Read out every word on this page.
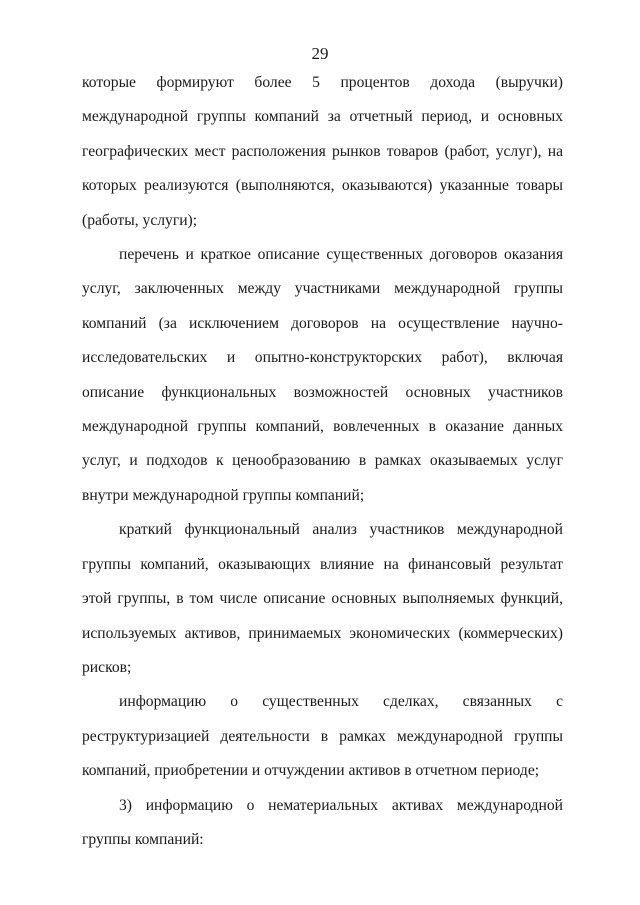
29

которые формируют более 5 процентов дохода (выручки) международной группы компаний за отчетный период, и основных географических мест расположения рынков товаров (работ, услуг), на которых реализуются (выполняются, оказываются) указанные товары (работы, услуги);

перечень и краткое описание существенных договоров оказания услуг, заключенных между участниками международной группы компаний (за исключением договоров на осуществление научно-исследовательских и опытно-конструкторских работ), включая описание функциональных возможностей основных участников международной группы компаний, вовлеченных в оказание данных услуг, и подходов к ценообразованию в рамках оказываемых услуг внутри международной группы компаний;

краткий функциональный анализ участников международной группы компаний, оказывающих влияние на финансовый результат этой группы, в том числе описание основных выполняемых функций, используемых активов, принимаемых экономических (коммерческих) рисков;

информацию о существенных сделках, связанных с реструктуризацией деятельности в рамках международной группы компаний, приобретении и отчуждении активов в отчетном периоде;

3) информацию о нематериальных активах международной группы компаний:
